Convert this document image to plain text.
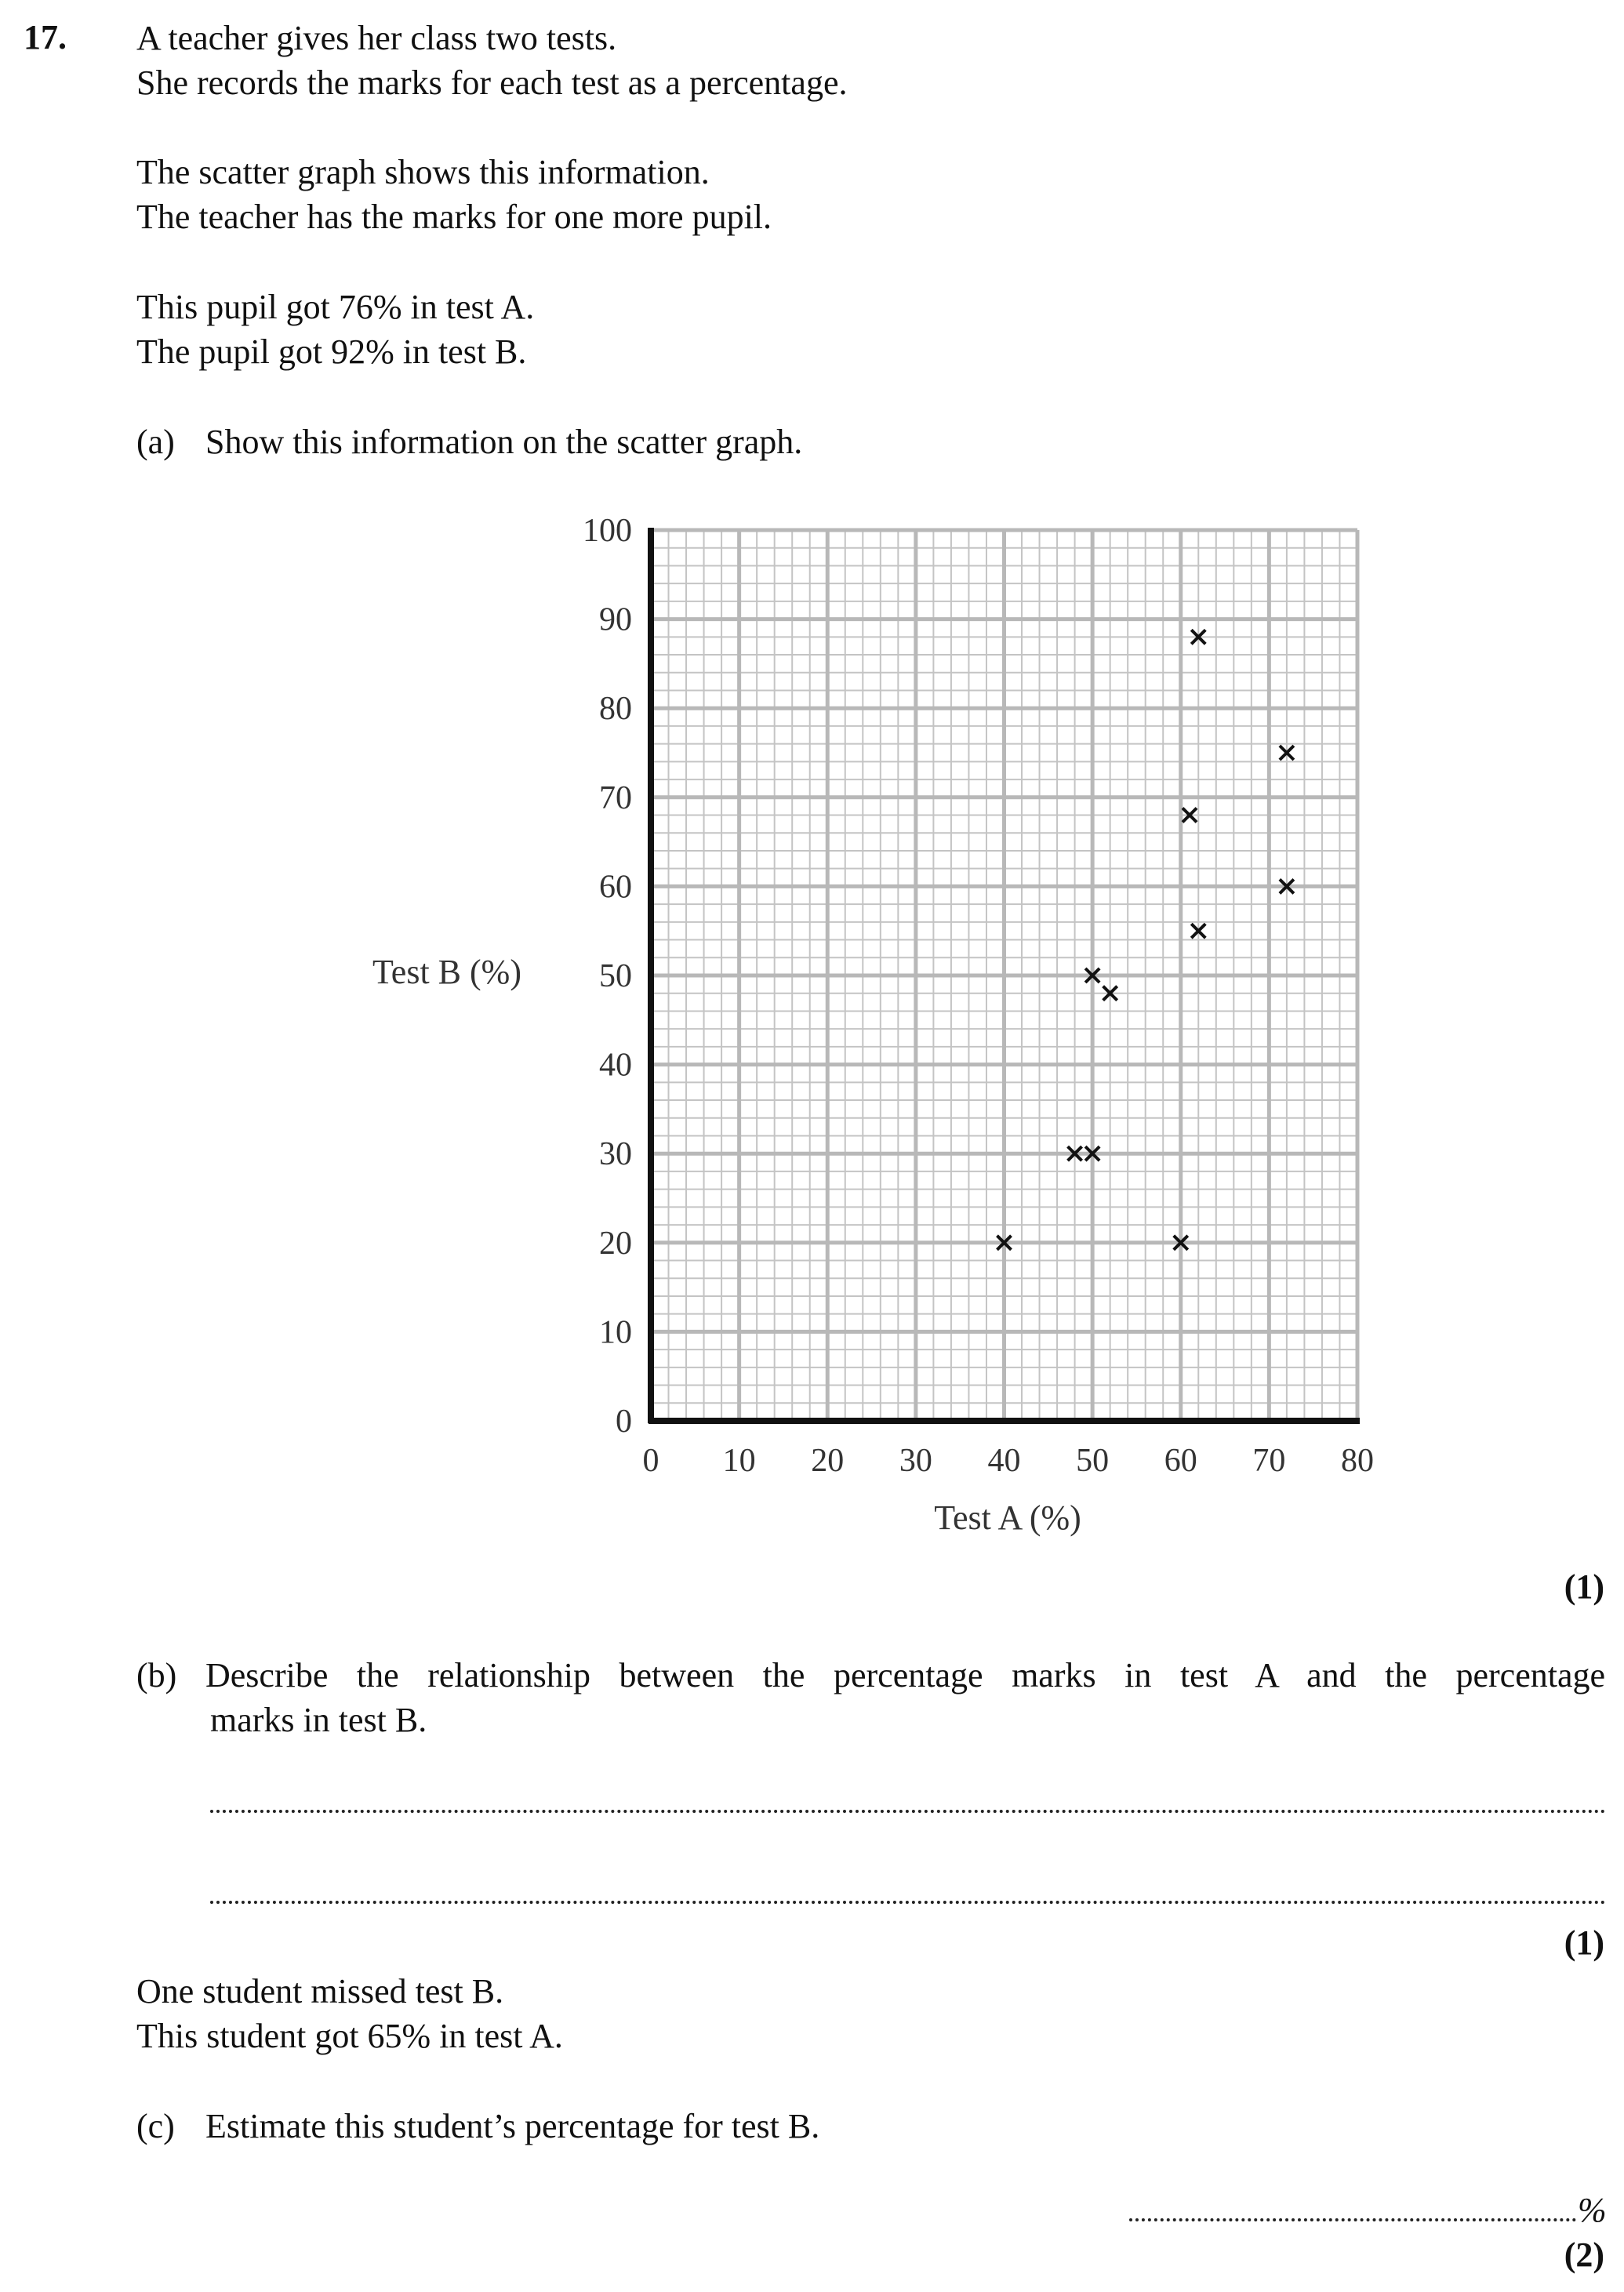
17. A teacher gives her class two tests.
She records the marks for each test as a percentage.
The scatter graph shows this information.
The teacher has the marks for one more pupil.
This pupil got 76% in test A.
The pupil got 92% in test B.
(a) Show this information on the scatter graph.
0 10 20 30 40 50 60 70 80
0
10
20
30
40
50
60
70
80
90
100
Test A (%)
Test B (%)
(1)
(b) Describe the relationship between the percentage marks in test A and the percentage
marks in test B.
(1)
One student missed test B.
This student got 65% in test A.
(c) Estimate this student’s percentage for test B.
%
(2)
